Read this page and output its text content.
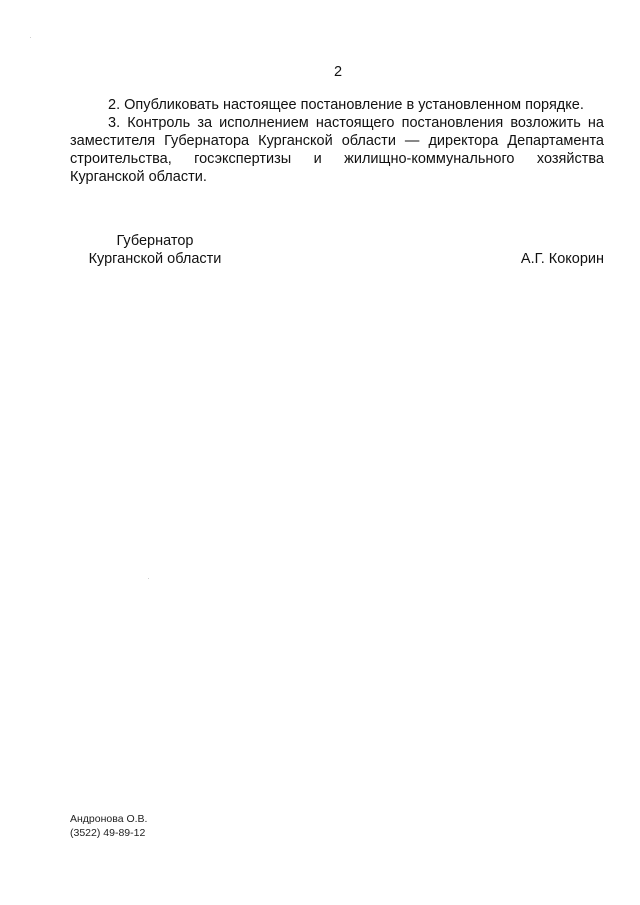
2

2. Опубликовать настоящее постановление в установленном порядке.

3. Контроль за исполнением настоящего постановления возложить на заместителя Губернатора Курганской области — директора Департамента строительства, госэкспертизы и жилищно-коммунального хозяйства Курганской области.

Губернатор
Курганской области	А.Г. Кокорин
Андронова О.В.
(3522) 49-89-12
